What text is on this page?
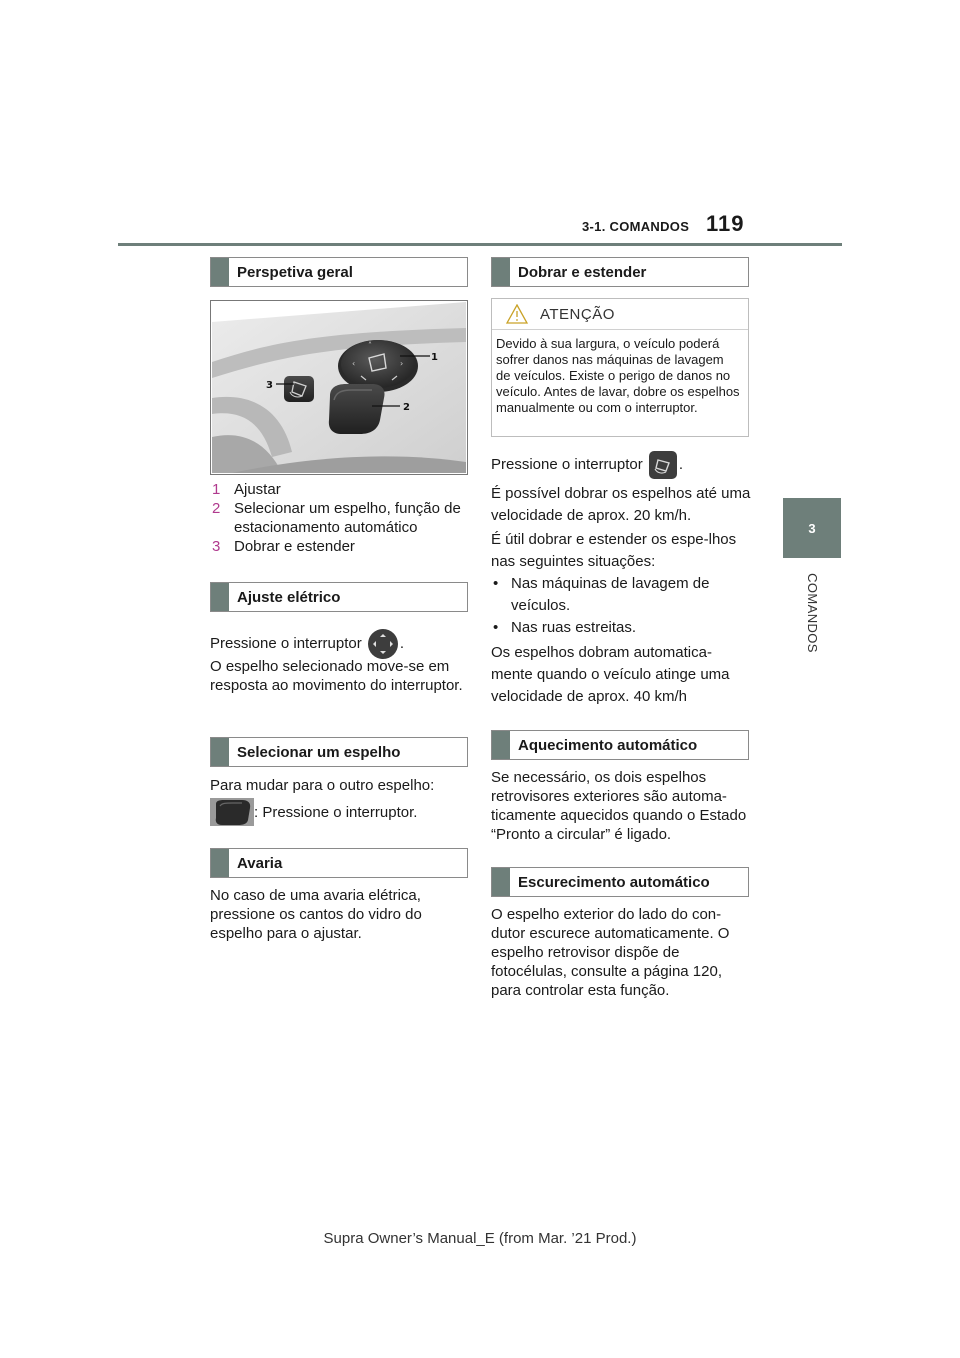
3-1. COMANDOS 119
3
COMANDOS
Perspetiva geral
˄
‹	›
1
2
3
1 Ajustar
2 Selecionar um espelho, função de estacionamento automático
3 Dobrar e estender
Ajuste elétrico
Pressione o interruptor	.
O espelho selecionado move-se em resposta ao movimento do interruptor.
Selecionar um espelho
Para mudar para o outro espelho:
: Pressione o interruptor.
Avaria
No caso de uma avaria elétrica, pressione os cantos do vidro do espelho para o ajustar.
Dobrar e estender
ATENÇÃO
Devido à sua largura, o veículo poderá sofrer danos nas máquinas de lavagem de veículos. Existe o perigo de danos no veículo. Antes de lavar, dobre os espelhos manualmente ou com o interruptor.
Pressione o interruptor .
É possível dobrar os espelhos até uma velocidade de aprox. 20 km/h.
É útil dobrar e estender os espe-lhos nas seguintes situações:
• Nas máquinas de lavagem de veículos.
• Nas ruas estreitas.
Os espelhos dobram automatica-mente quando o veículo atinge uma velocidade de aprox. 40 km/h
Aquecimento automático
Se necessário, os dois espelhos retrovisores exteriores são automa-ticamente aquecidos quando o Estado “Pronto a circular” é ligado.
Escurecimento automático
O espelho exterior do lado do con-dutor escurece automaticamente. O espelho retrovisor dispõe de fotocélulas, consulte a página 120, para controlar esta função.
Supra Owner’s Manual_E (from Mar. ’21 Prod.)
